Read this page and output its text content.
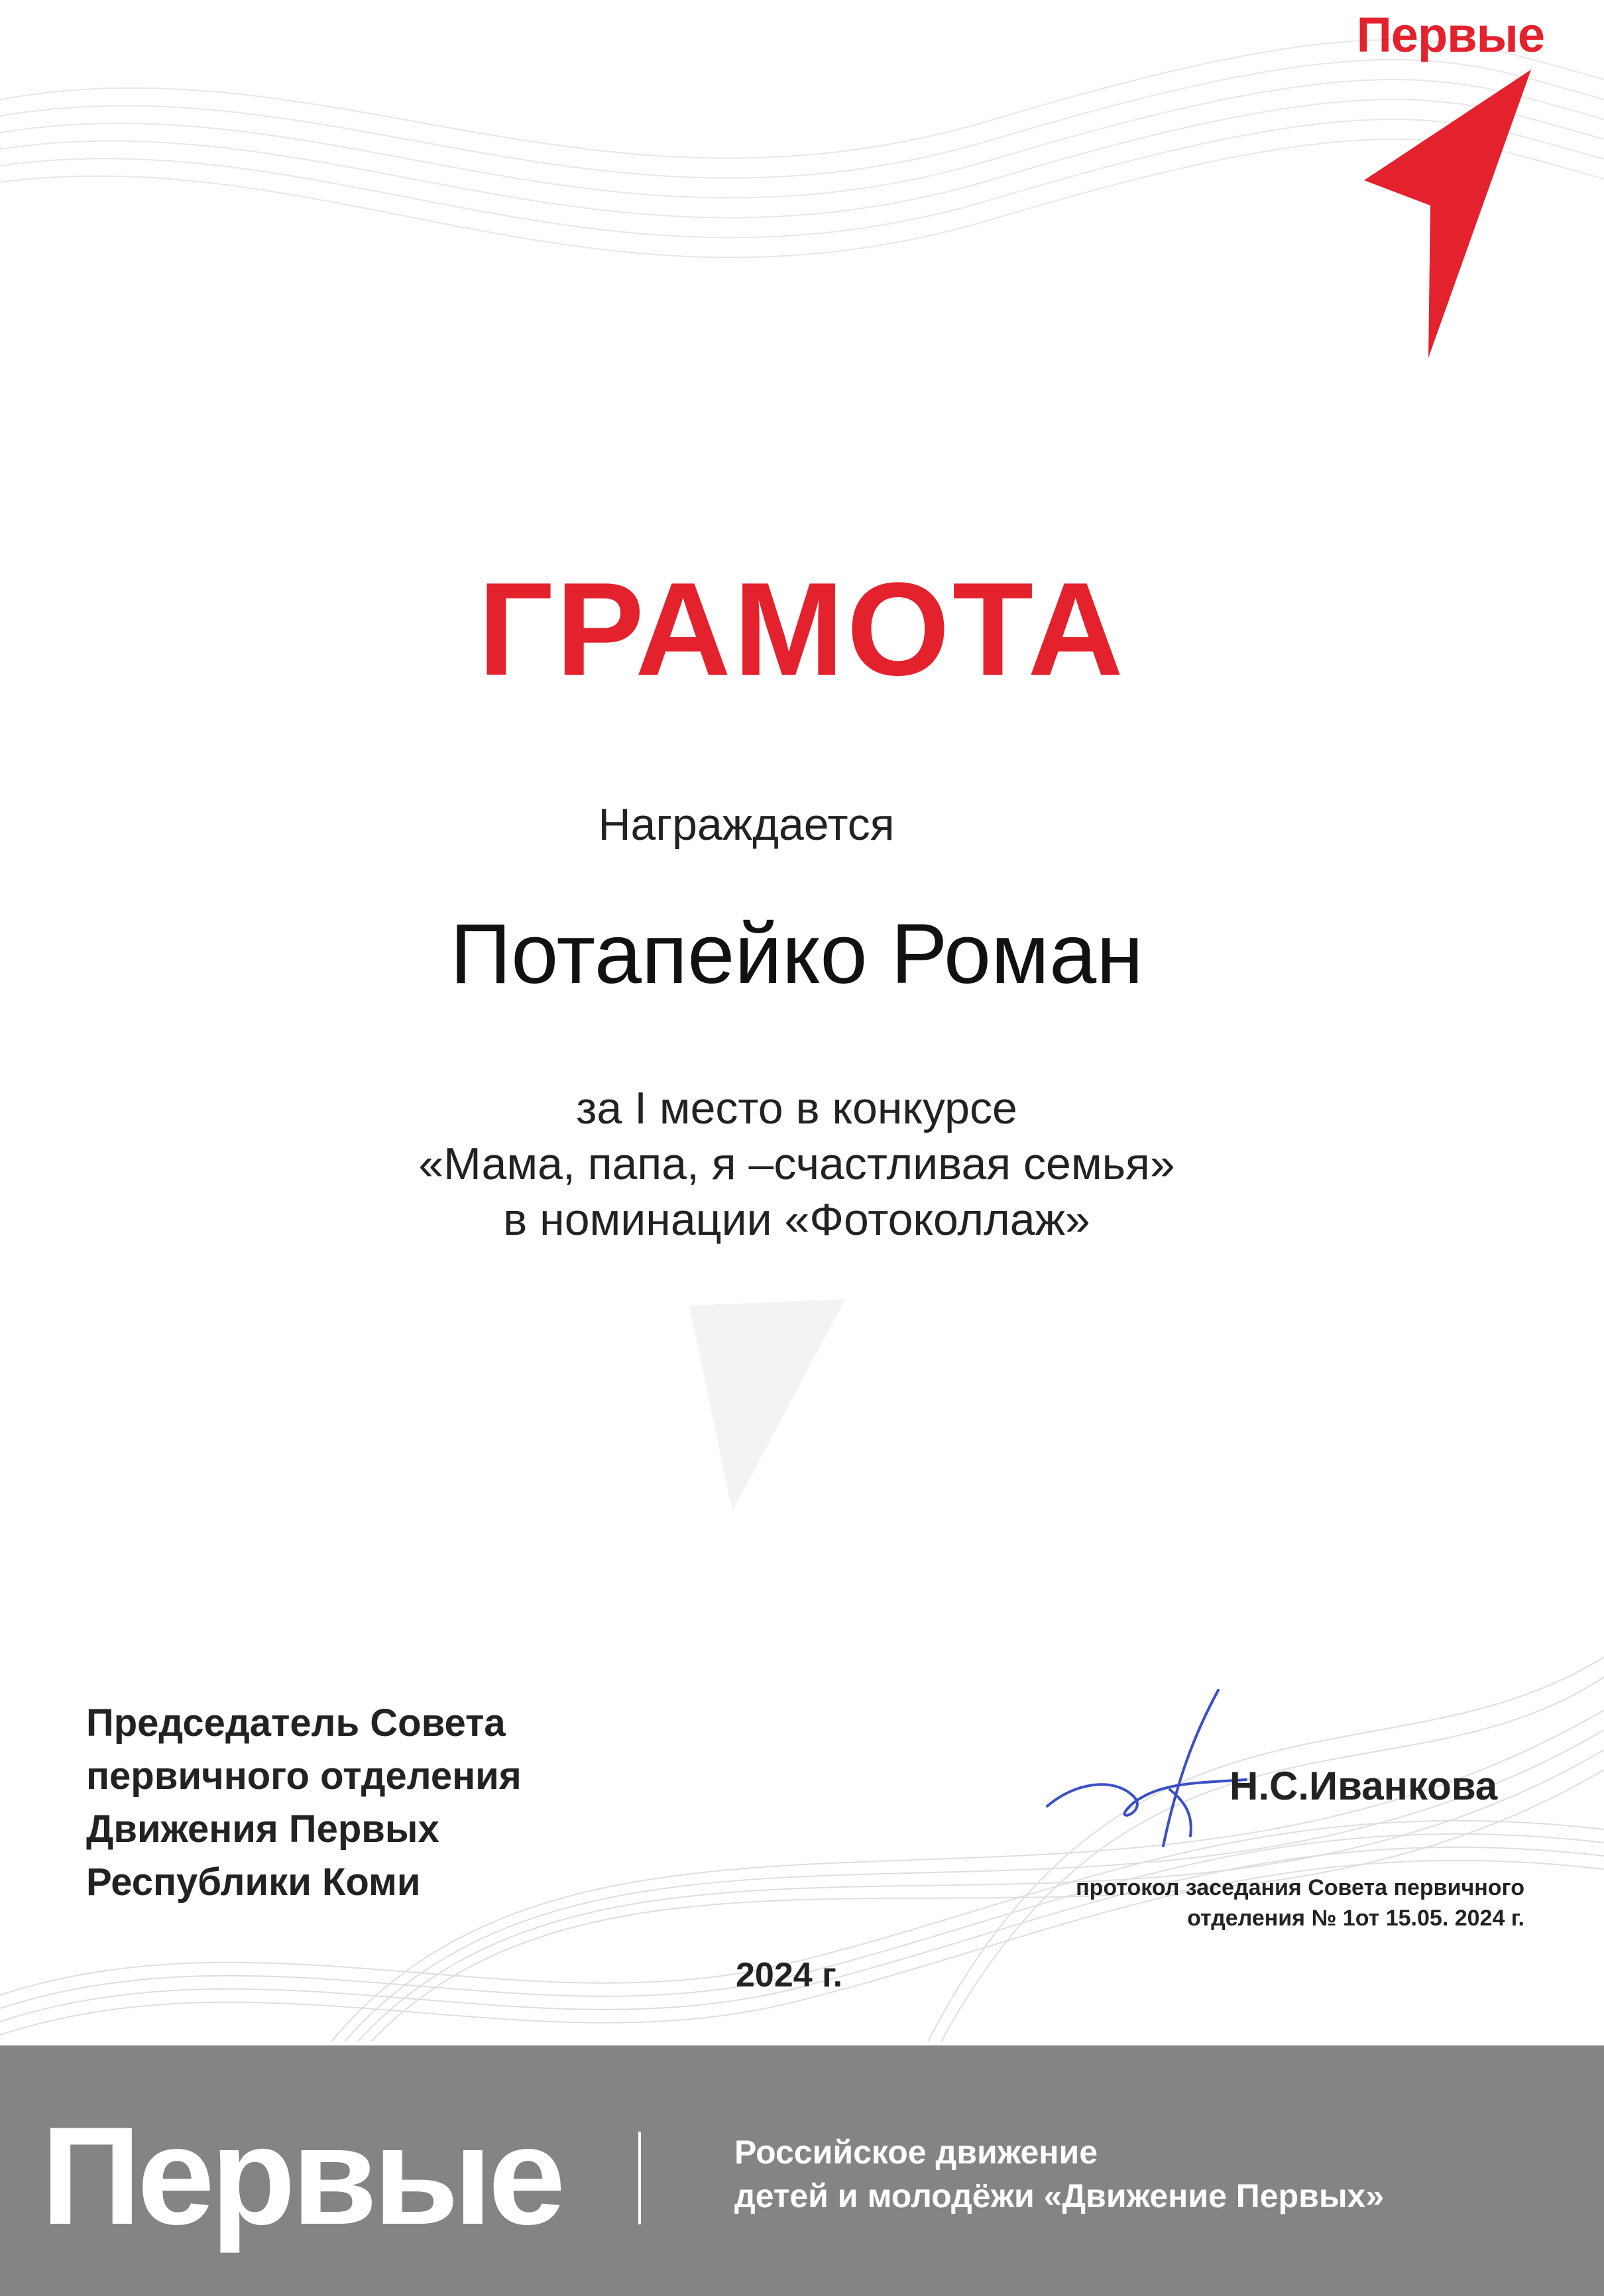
Первые
ГРАМОТА
Награждается
Потапейко Роман
за I место в конкурсе
«Мама, папа, я –счастливая семья»
в номинации «Фотоколлаж»
Председатель Совета
первичного отделения
Движения Первых
Республики Коми
Н.С.Иванкова
протокол заседания Совета первичного
отделения № 1от 15.05. 2024 г.
2024 г.
Первые	Российское движение
детей и молодёжи «Движение Первых»
